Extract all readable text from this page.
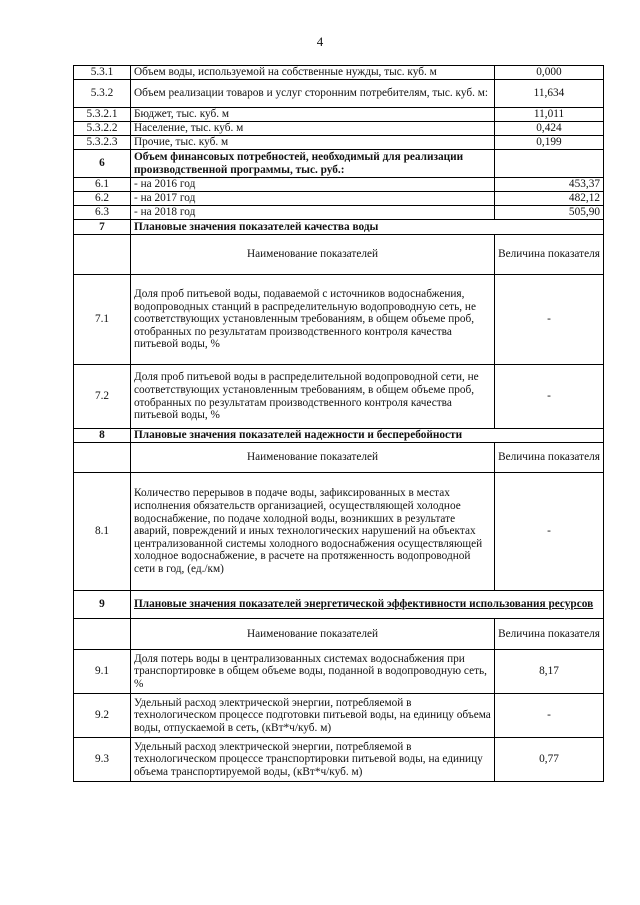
4
5.3.1	Объем воды, используемой на собственные нужды, тыс. куб. м	0,000
5.3.2	Объем реализации товаров и услуг сторонним потребителям, тыс. куб. м:	11,634
5.3.2.1	Бюджет, тыс. куб. м	11,011
5.3.2.2	Население, тыс. куб. м	0,424
5.3.2.3	Прочие, тыс. куб. м	0,199
6	Объем финансовых потребностей, необходимый для реализации производственной программы, тыс. руб.:	
6.1	- на 2016 год	453,37
6.2	- на 2017 год	482,12
6.3	- на 2018 год	505,90
7	Плановые значения показателей качества воды	
	Наименование показателей	Величина показателя
7.1	Доля проб питьевой воды, подаваемой с источников водоснабжения, водопроводных станций в распределительную водопроводную сеть, не соответствующих установленным требованиям, в общем объеме проб, отобранных по результатам производственного контроля качества питьевой воды, %	-
7.2	Доля проб питьевой воды в распределительной водопроводной сети, не соответствующих установленным требованиям, в общем объеме проб, отобранных по результатам производственного контроля качества питьевой воды, %	-
8	Плановые значения показателей надежности и бесперебойности	
	Наименование показателей	Величина показателя
8.1	Количество перерывов в подаче воды, зафиксированных в местах исполнения обязательств организацией, осуществляющей холодное водоснабжение, по подаче холодной воды, возникших в результате аварий, повреждений и иных технологических нарушений на объектах централизованной системы холодного водоснабжения осуществляющей холодное водоснабжение, в расчете на протяженность водопроводной сети в год, (ед./км)	-
9	Плановые значения показателей энергетической эффективности использования ресурсов	
	Наименование показателей	Величина показателя
9.1	Доля потерь воды в централизованных системах водоснабжения при транспортировке в общем объеме воды, поданной в водопроводную сеть, %	8,17
9.2	Удельный расход электрической энергии, потребляемой в технологическом процессе подготовки питьевой воды, на единицу объема воды, отпускаемой в сеть, (кВт*ч/куб. м)	-
9.3	Удельный расход электрической энергии, потребляемой в технологическом процессе транспортировки питьевой воды, на единицу объема транспортируемой воды, (кВт*ч/куб. м)	0,77
